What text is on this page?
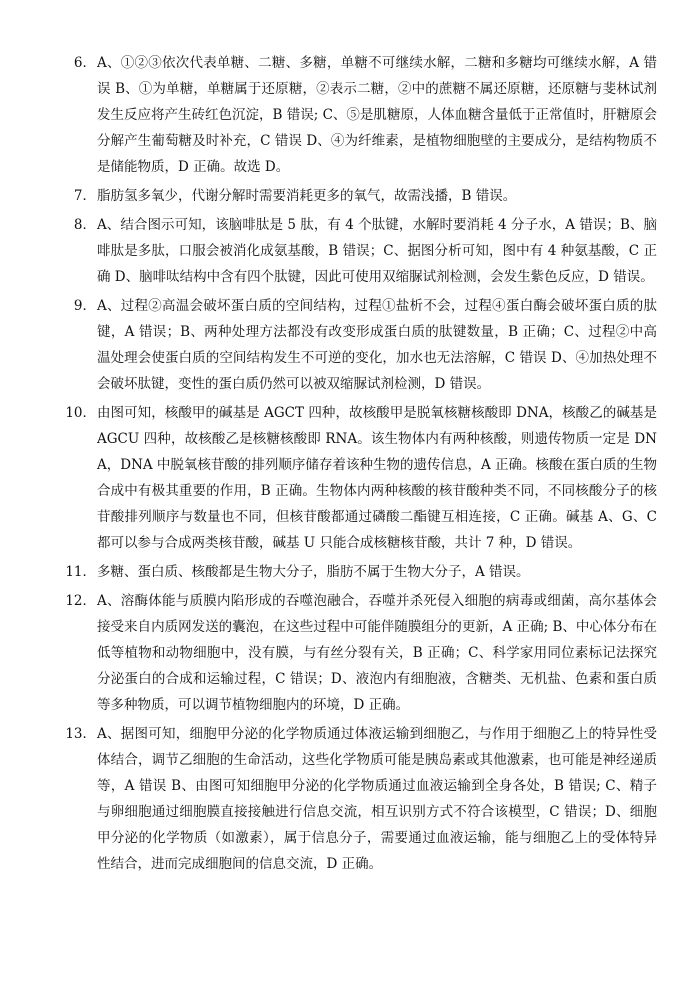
6． A、①②③依次代表单糖、二糖、多糖，单糖不可继续水解，二糖和多糖均可继续水解，A 错误 B、①为单糖，单糖属于还原糖，②表示二糖，②中的蔗糖不属还原糖，还原糖与斐林试剂发生反应将产生砖红色沉淀，B 错误; C、⑤是肌糖原，人体血糖含量低于正常值时，肝糖原会分解产生葡萄糖及时补充，C 错误 D、④为纤维素，是植物细胞壁的主要成分，是结构物质不是储能物质，D 正确。故选 D。
7． 脂肪氢多氧少，代谢分解时需要消耗更多的氧气，故需浅播，B 错误。
8． A、结合图示可知，该脑啡肽是 5 肽，有 4 个肽键，水解时要消耗 4 分子水，A 错误；B、脑啡肽是多肽，口服会被消化成氨基酸，B 错误；C、据图分析可知，图中有 4 种氨基酸，C 正确 D、脑啡呔结构中含有四个肽键，因此可使用双缩脲试剂检测，会发生紫色反应，D 错误。
9． A、过程②高温会破坏蛋白质的空间结构，过程①盐析不会，过程④蛋白酶会破坏蛋白质的肽键，A 错误；B、两种处理方法都没有改变形成蛋白质的肽键数量，B 正确；C、过程②中高温处理会使蛋白质的空间结构发生不可逆的变化，加水也无法溶解，C 错误 D、④加热处理不会破坏肽键，变性的蛋白质仍然可以被双缩脲试剂检测，D 错误。
10． 由图可知，核酸甲的碱基是 AGCT 四种，故核酸甲是脱氧核糖核酸即 DNA，核酸乙的碱基是 AGCU 四种，故核酸乙是核糖核酸即 RNA。该生物体内有两种核酸，则遗传物质一定是 DNA，DNA 中脱氧核苷酸的排列顺序储存着该种生物的遗传信息，A 正确。核酸在蛋白质的生物合成中有极其重要的作用，B 正确。生物体内两种核酸的核苷酸种类不同，不同核酸分子的核苷酸排列顺序与数量也不同，但核苷酸都通过磷酸二酯键互相连接，C 正确。碱基 A、G、C 都可以参与合成两类核苷酸，碱基 U 只能合成核糖核苷酸，共计 7 种，D 错误。
11． 多糖、蛋白质、核酸都是生物大分子，脂肪不属于生物大分子，A 错误。
12． A、溶酶体能与质膜内陷形成的吞噬泡融合，吞噬并杀死侵入细胞的病毒或细菌，高尔基体会接受来自内质网发送的囊泡，在这些过程中可能伴随膜组分的更新，A 正确; B、中心体分布在低等植物和动物细胞中，没有膜，与有丝分裂有关，B 正确；C、科学家用同位素标记法探究分泌蛋白的合成和运输过程，C 错误；D、液泡内有细胞液，含糖类、无机盐、色素和蛋白质等多种物质，可以调节植物细胞内的环境，D 正确。
13． A、据图可知，细胞甲分泌的化学物质通过体液运输到细胞乙，与作用于细胞乙上的特异性受体结合，调节乙细胞的生命活动，这些化学物质可能是胰岛素或其他激素，也可能是神经递质等，A 错误 B、由图可知细胞甲分泌的化学物质通过血液运输到全身各处，B 错误; C、精子与卵细胞通过细胞膜直接接触进行信息交流，相互识别方式不符合该模型，C 错误；D、细胞甲分泌的化学物质（如激素），属于信息分子，需要通过血液运输，能与细胞乙上的受体特异性结合，进而完成细胞间的信息交流，D 正确。
